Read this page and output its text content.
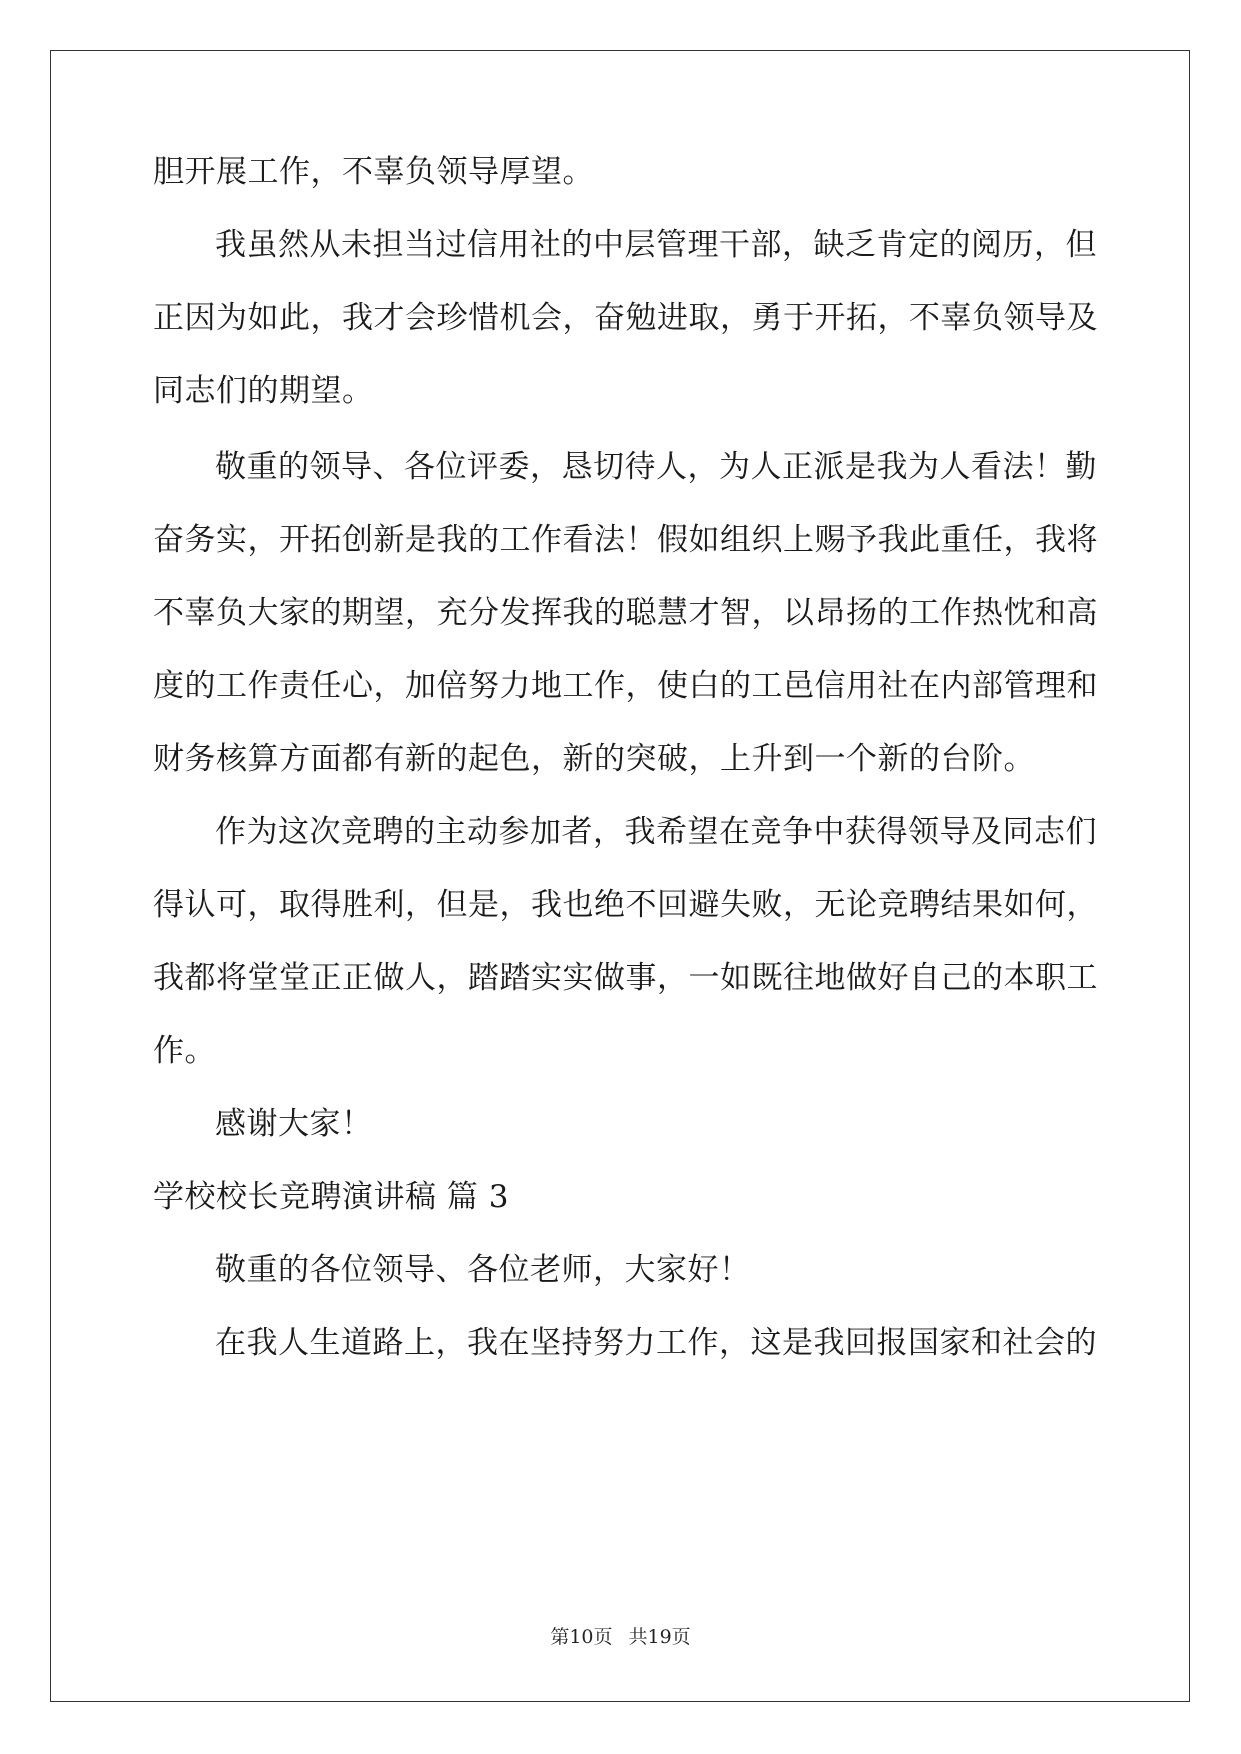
胆开展工作，不辜负领导厚望。
我虽然从未担当过信用社的中层管理干部，缺乏肯定的阅历，但
正因为如此，我才会珍惜机会，奋勉进取，勇于开拓，不辜负领导及
同志们的期望。
敬重的领导、各位评委，恳切待人，为人正派是我为人看法！勤
奋务实，开拓创新是我的工作看法！假如组织上赐予我此重任，我将
不辜负大家的期望，充分发挥我的聪慧才智，以昂扬的工作热忱和高
度的工作责任心，加倍努力地工作，使白的工邑信用社在内部管理和
财务核算方面都有新的起色，新的突破，上升到一个新的台阶。
作为这次竞聘的主动参加者，我希望在竞争中获得领导及同志们
得认可，取得胜利，但是，我也绝不回避失败，无论竞聘结果如何，
我都将堂堂正正做人，踏踏实实做事，一如既往地做好自己的本职工
作。
感谢大家！
学校校长竞聘演讲稿 篇 3
敬重的各位领导、各位老师，大家好！
在我人生道路上，我在坚持努力工作，这是我回报国家和社会的
第10页 共19页
